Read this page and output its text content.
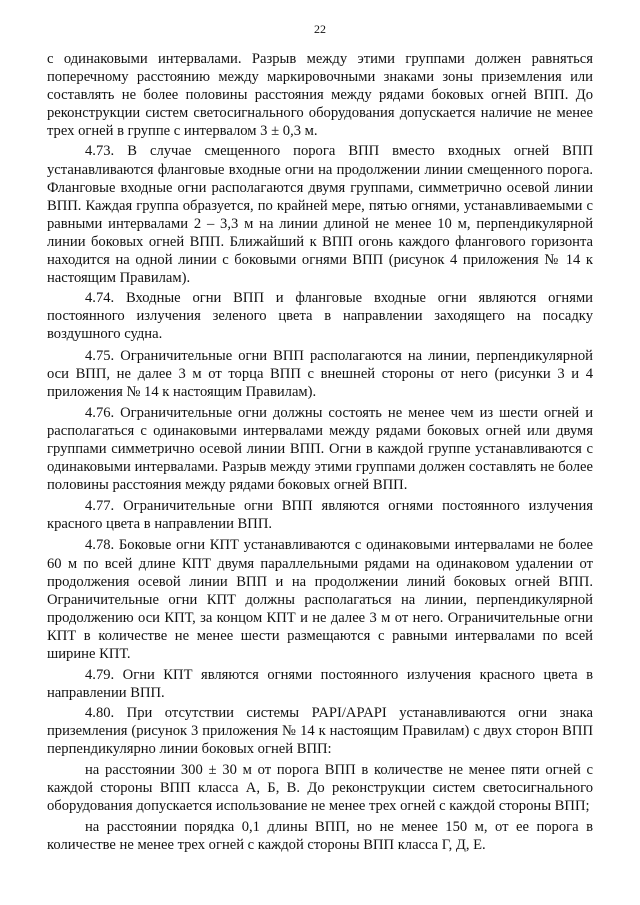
22

с одинаковыми интервалами. Разрыв между этими группами должен равняться поперечному расстоянию между маркировочными знаками зоны приземления или составлять не более половины расстояния между рядами боковых огней ВПП. До реконструкции систем светосигнального оборудования допускается наличие не менее трех огней в группе с интервалом 3 ± 0,3 м.

4.73. В случае смещенного порога ВПП вместо входных огней ВПП устанавливаются фланговые входные огни на продолжении линии смещенного порога. Фланговые входные огни располагаются двумя группами, симметрично осевой линии ВПП. Каждая группа образуется, по крайней мере, пятью огнями, устанавливаемыми с равными интервалами 2 – 3,3 м на линии длиной не менее 10 м, перпендикулярной линии боковых огней ВПП. Ближайший к ВПП огонь каждого флангового горизонта находится на одной линии с боковыми огнями ВПП (рисунок 4 приложения № 14 к настоящим Правилам).

4.74. Входные огни ВПП и фланговые входные огни являются огнями постоянного излучения зеленого цвета в направлении заходящего на посадку воздушного судна.

4.75. Ограничительные огни ВПП располагаются на линии, перпендикулярной оси ВПП, не далее 3 м от торца ВПП с внешней стороны от него (рисунки 3 и 4 приложения № 14 к настоящим Правилам).

4.76. Ограничительные огни должны состоять не менее чем из шести огней и располагаться с одинаковыми интервалами между рядами боковых огней или двумя группами симметрично осевой линии ВПП. Огни в каждой группе устанавливаются с одинаковыми интервалами. Разрыв между этими группами должен составлять не более половины расстояния между рядами боковых огней ВПП.

4.77. Ограничительные огни ВПП являются огнями постоянного излучения красного цвета в направлении ВПП.

4.78. Боковые огни КПТ устанавливаются с одинаковыми интервалами не более 60 м по всей длине КПТ двумя параллельными рядами на одинаковом удалении от продолжения осевой линии ВПП и на продолжении линий боковых огней ВПП. Ограничительные огни КПТ должны располагаться на линии, перпендикулярной продолжению оси КПТ, за концом КПТ и не далее 3 м от него. Ограничительные огни КПТ в количестве не менее шести размещаются с равными интервалами по всей ширине КПТ.

4.79. Огни КПТ являются огнями постоянного излучения красного цвета в направлении ВПП.

4.80. При отсутствии системы PAPI/APAPI устанавливаются огни знака приземления (рисунок 3 приложения № 14 к настоящим Правилам) с двух сторон ВПП перпендикулярно линии боковых огней ВПП:

на расстоянии 300 ± 30 м от порога ВПП в количестве не менее пяти огней с каждой стороны ВПП класса А, Б, В. До реконструкции систем светосигнального оборудования допускается использование не менее трех огней с каждой стороны ВПП;

на расстоянии порядка 0,1 длины ВПП, но не менее 150 м, от ее порога в количестве не менее трех огней с каждой стороны ВПП класса Г, Д, Е.
